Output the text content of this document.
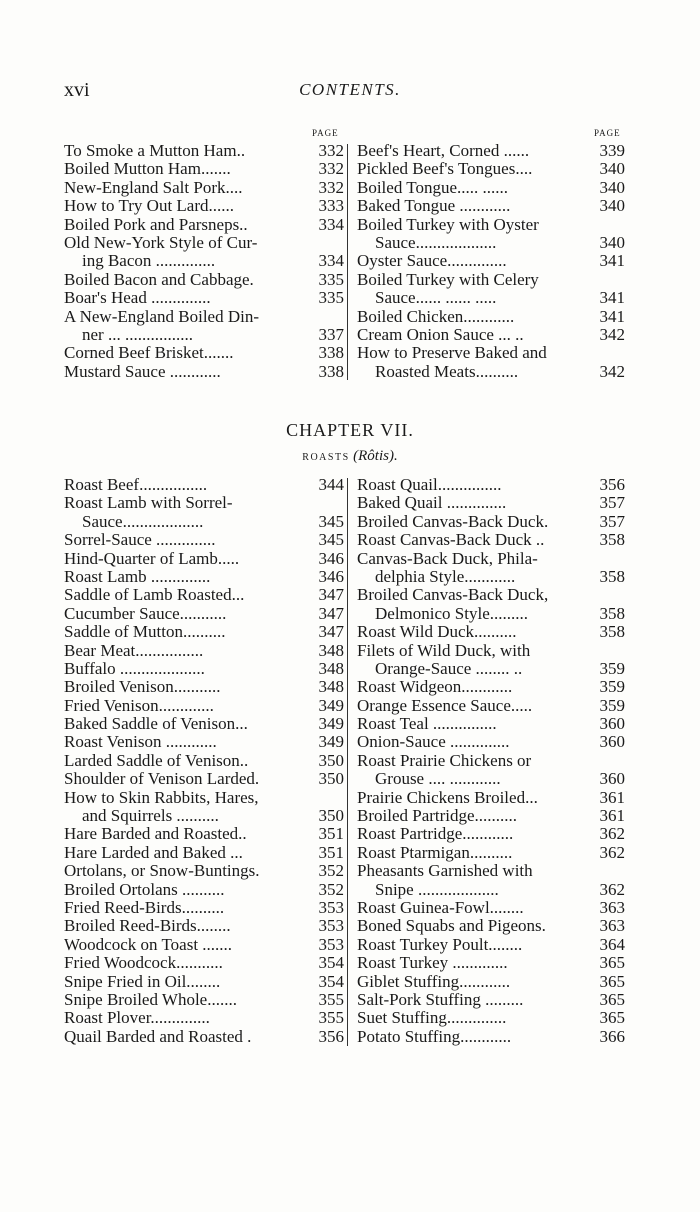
xvi	CONTENTS.
PAGE	PAGE
To Smoke a Mutton Ham..	332
Boiled Mutton Ham.......	332
New-England Salt Pork....	332
How to Try Out Lard......	333
Boiled Pork and Parsneps..	334
Old New-York Style of Cur-
ing Bacon ..............	334
Boiled Bacon and Cabbage.	335
Boar's Head ..............	335
A New-England Boiled Din-
ner ... ................	337
Corned Beef Brisket.......	338
Mustard Sauce ............	338
Beef's Heart, Corned ......	339
Pickled Beef's Tongues....	340
Boiled Tongue..... ......	340
Baked Tongue ............	340
Boiled Turkey with Oyster
Sauce...................	340
Oyster Sauce..............	341
Boiled Turkey with Celery
Sauce...... ...... .....	341
Boiled Chicken............	341
Cream Onion Sauce ... ..	342
How to Preserve Baked and
Roasted Meats..........	342
CHAPTER VII.
ROASTS (Rôtis).
Roast Beef................	344
Roast Lamb with Sorrel-
Sauce...................	345
Sorrel-Sauce ..............	345
Hind-Quarter of Lamb.....	346
Roast Lamb ..............	346
Saddle of Lamb Roasted...	347
Cucumber Sauce...........	347
Saddle of Mutton..........	347
Bear Meat................	348
Buffalo ....................	348
Broiled Venison...........	348
Fried Venison.............	349
Baked Saddle of Venison...	349
Roast Venison ............	349
Larded Saddle of Venison..	350
Shoulder of Venison Larded.	350
How to Skin Rabbits, Hares,
and Squirrels ..........	350
Hare Barded and Roasted..	351
Hare Larded and Baked ...	351
Ortolans, or Snow-Buntings.	352
Broiled Ortolans ..........	352
Fried Reed-Birds..........	353
Broiled Reed-Birds........	353
Woodcock on Toast .......	353
Fried Woodcock...........	354
Snipe Fried in Oil........	354
Snipe Broiled Whole.......	355
Roast Plover..............	355
Quail Barded and Roasted .	356
Roast Quail...............	356
Baked Quail ..............	357
Broiled Canvas-Back Duck.	357
Roast Canvas-Back Duck ..	358
Canvas-Back Duck, Phila-
delphia Style............	358
Broiled Canvas-Back Duck,
Delmonico Style.........	358
Roast Wild Duck..........	358
Filets of Wild Duck, with
Orange-Sauce ........ ..	359
Roast Widgeon............	359
Orange Essence Sauce.....	359
Roast Teal ...............	360
Onion-Sauce ..............	360
Roast Prairie Chickens or
Grouse .... ............	360
Prairie Chickens Broiled...	361
Broiled Partridge..........	361
Roast Partridge............	362
Roast Ptarmigan..........	362
Pheasants Garnished with
Snipe ...................	362
Roast Guinea-Fowl........	363
Boned Squabs and Pigeons.	363
Roast Turkey Poult........	364
Roast Turkey .............	365
Giblet Stuffing............	365
Salt-Pork Stuffing .........	365
Suet Stuffing..............	365
Potato Stuffing............	366
